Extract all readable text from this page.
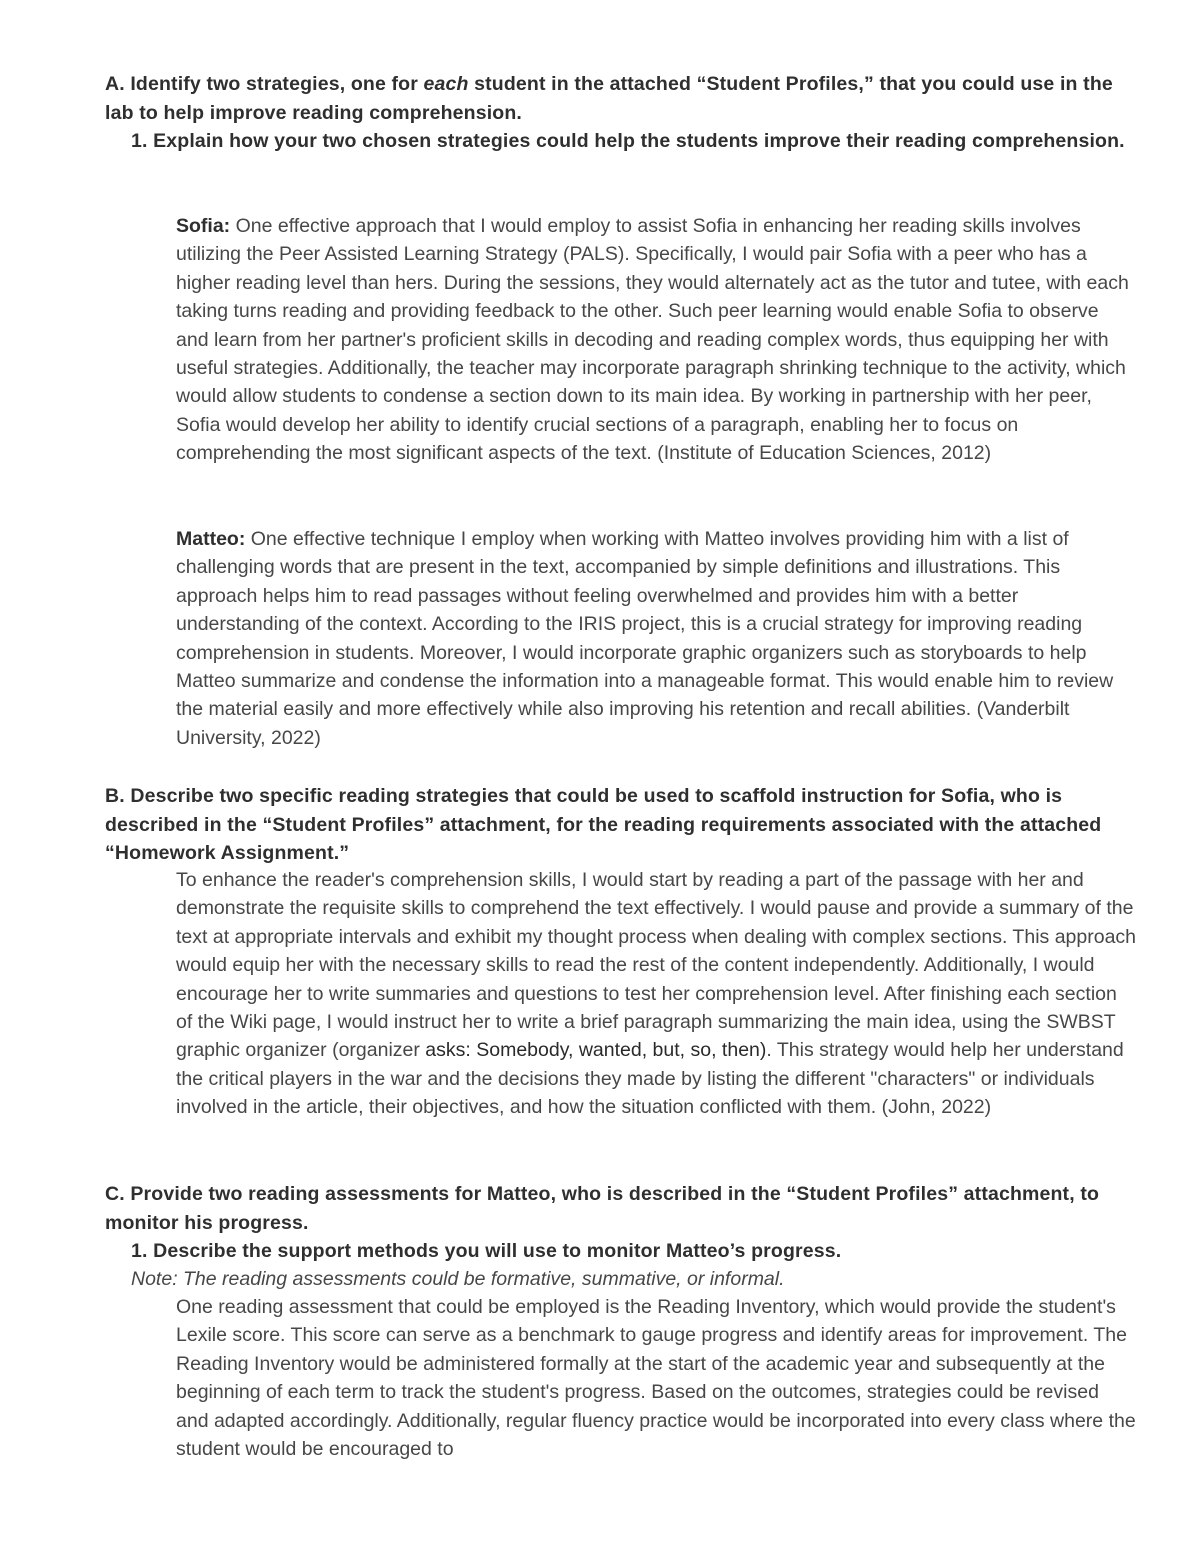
A. Identify two strategies, one for each student in the attached “Student Profiles,” that you could use in the lab to help improve reading comprehension.
1. Explain how your two chosen strategies could help the students improve their reading comprehension.
Sofia: One effective approach that I would employ to assist Sofia in enhancing her reading skills involves utilizing the Peer Assisted Learning Strategy (PALS). Specifically, I would pair Sofia with a peer who has a higher reading level than hers. During the sessions, they would alternately act as the tutor and tutee, with each taking turns reading and providing feedback to the other. Such peer learning would enable Sofia to observe and learn from her partner's proficient skills in decoding and reading complex words, thus equipping her with useful strategies. Additionally, the teacher may incorporate paragraph shrinking technique to the activity, which would allow students to condense a section down to its main idea. By working in partnership with her peer, Sofia would develop her ability to identify crucial sections of a paragraph, enabling her to focus on comprehending the most significant aspects of the text. (Institute of Education Sciences, 2012)
Matteo: One effective technique I employ when working with Matteo involves providing him with a list of challenging words that are present in the text, accompanied by simple definitions and illustrations. This approach helps him to read passages without feeling overwhelmed and provides him with a better understanding of the context. According to the IRIS project, this is a crucial strategy for improving reading comprehension in students. Moreover, I would incorporate graphic organizers such as storyboards to help Matteo summarize and condense the information into a manageable format. This would enable him to review the material easily and more effectively while also improving his retention and recall abilities. (Vanderbilt University, 2022)
B. Describe two specific reading strategies that could be used to scaffold instruction for Sofia, who is described in the “Student Profiles” attachment, for the reading requirements associated with the attached “Homework Assignment.”
To enhance the reader's comprehension skills, I would start by reading a part of the passage with her and demonstrate the requisite skills to comprehend the text effectively. I would pause and provide a summary of the text at appropriate intervals and exhibit my thought process when dealing with complex sections. This approach would equip her with the necessary skills to read the rest of the content independently. Additionally, I would encourage her to write summaries and questions to test her comprehension level. After finishing each section of the Wiki page, I would instruct her to write a brief paragraph summarizing the main idea, using the SWBST graphic organizer (organizer asks: Somebody, wanted, but, so, then). This strategy would help her understand the critical players in the war and the decisions they made by listing the different "characters" or individuals involved in the article, their objectives, and how the situation conflicted with them. (John, 2022)
C. Provide two reading assessments for Matteo, who is described in the “Student Profiles” attachment, to monitor his progress.
1. Describe the support methods you will use to monitor Matteo’s progress.
Note: The reading assessments could be formative, summative, or informal.
One reading assessment that could be employed is the Reading Inventory, which would provide the student's Lexile score. This score can serve as a benchmark to gauge progress and identify areas for improvement. The Reading Inventory would be administered formally at the start of the academic year and subsequently at the beginning of each term to track the student's progress. Based on the outcomes, strategies could be revised and adapted accordingly. Additionally, regular fluency practice would be incorporated into every class where the student would be encouraged to
